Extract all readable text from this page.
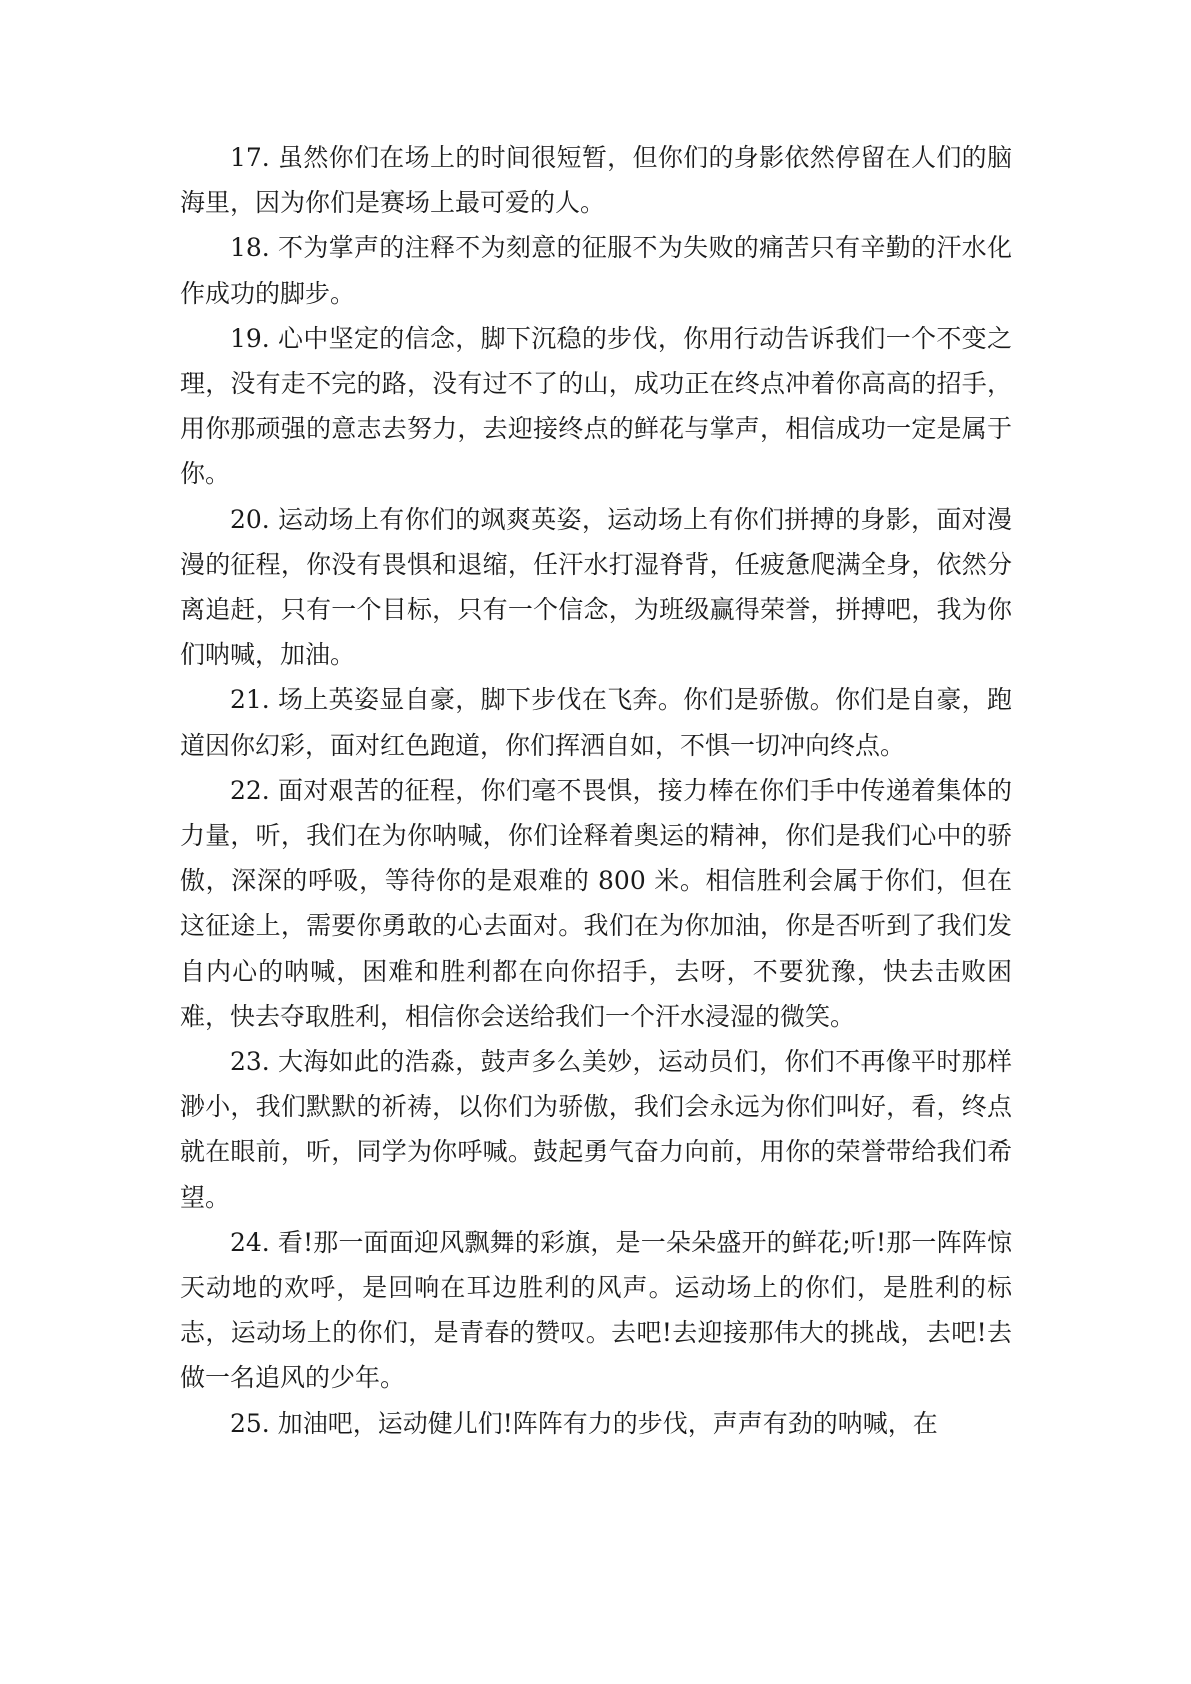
17. 虽然你们在场上的时间很短暂，但你们的身影依然停留在人们的脑海里，因为你们是赛场上最可爱的人。

18. 不为掌声的注释不为刻意的征服不为失败的痛苦只有辛勤的汗水化作成功的脚步。

19. 心中坚定的信念，脚下沉稳的步伐，你用行动告诉我们一个不变之理，没有走不完的路，没有过不了的山，成功正在终点冲着你高高的招手，用你那顽强的意志去努力，去迎接终点的鲜花与掌声，相信成功一定是属于你。

20. 运动场上有你们的飒爽英姿，运动场上有你们拼搏的身影，面对漫漫的征程，你没有畏惧和退缩，任汗水打湿脊背，任疲惫爬满全身，依然分离追赶，只有一个目标，只有一个信念，为班级赢得荣誉，拼搏吧，我为你们呐喊，加油。

21. 场上英姿显自豪，脚下步伐在飞奔。你们是骄傲。你们是自豪，跑道因你幻彩，面对红色跑道，你们挥洒自如，不惧一切冲向终点。

22. 面对艰苦的征程，你们毫不畏惧，接力棒在你们手中传递着集体的力量，听，我们在为你呐喊，你们诠释着奥运的精神，你们是我们心中的骄傲，深深的呼吸，等待你的是艰难的 800 米。相信胜利会属于你们，但在这征途上，需要你勇敢的心去面对。我们在为你加油，你是否听到了我们发自内心的呐喊，困难和胜利都在向你招手，去呀，不要犹豫，快去击败困难，快去夺取胜利，相信你会送给我们一个汗水浸湿的微笑。

23. 大海如此的浩淼，鼓声多么美妙，运动员们，你们不再像平时那样渺小，我们默默的祈祷，以你们为骄傲，我们会永远为你们叫好，看，终点就在眼前，听，同学为你呼喊。鼓起勇气奋力向前，用你的荣誉带给我们希望。

24. 看!那一面面迎风飘舞的彩旗，是一朵朵盛开的鲜花;听!那一阵阵惊天动地的欢呼，是回响在耳边胜利的风声。运动场上的你们，是胜利的标志，运动场上的你们，是青春的赞叹。去吧!去迎接那伟大的挑战，去吧!去做一名追风的少年。

25. 加油吧，运动健儿们!阵阵有力的步伐，声声有劲的呐喊，在
